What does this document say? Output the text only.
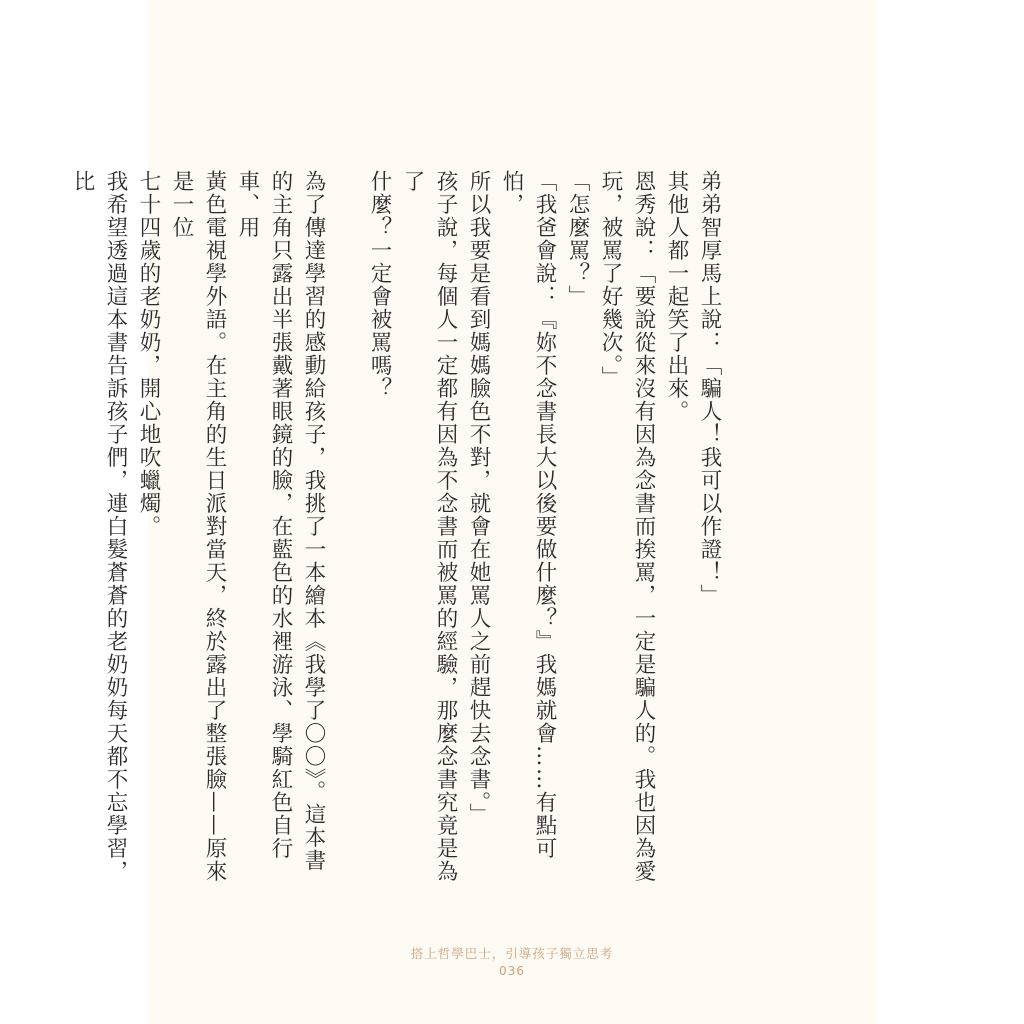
弟弟智厚馬上說：「騙人！我可以作證！」

其他人都一起笑了出來。

恩秀說：「要說從來沒有因為念書而挨罵，一定是騙人的。我也因為愛
玩，被罵了好幾次。」

「怎麼罵？」

「我爸會說：『妳不念書長大以後要做什麼？』我媽就會……有點可怕，
所以我要是看到媽媽臉色不對，就會在她罵人之前趕快去念書。」

孩子說，每個人一定都有因為不念書而被罵的經驗，那麼念書究竟是為了
什麼？一定會被罵嗎？

為了傳達學習的感動給孩子，我挑了一本繪本《我學了〇〇》。這本書
的主角只露出半張戴著眼鏡的臉，在藍色的水裡游泳、學騎紅色自行車、用
黃色電視學外語。在主角的生日派對當天，終於露出了整張臉——原來是一位
七十四歲的老奶奶，開心地吹蠟燭。

我希望透過這本書告訴孩子們，連白髮蒼蒼的老奶奶每天都不忘學習，比

搭上哲學巴士，引導孩子獨立思考
036
